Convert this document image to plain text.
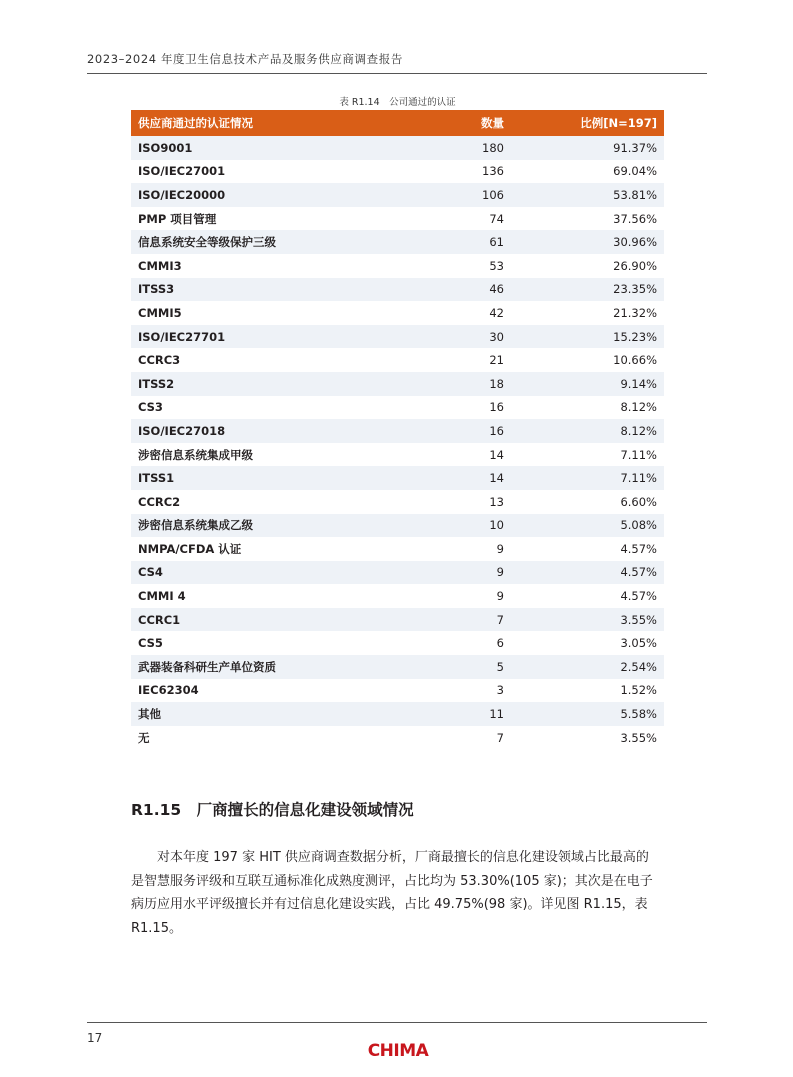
2023–2024 年度卫生信息技术产品及服务供应商调查报告
表 R1.14　公司通过的认证
供应商通过的认证情况	数量	比例[N=197]
ISO9001	180	91.37%
ISO/IEC27001	136	69.04%
ISO/IEC20000	106	53.81%
PMP 项目管理	74	37.56%
信息系统安全等级保护三级	61	30.96%
CMMI3	53	26.90%
ITSS3	46	23.35%
CMMI5	42	21.32%
ISO/IEC27701	30	15.23%
CCRC3	21	10.66%
ITSS2	18	9.14%
CS3	16	8.12%
ISO/IEC27018	16	8.12%
涉密信息系统集成甲级	14	7.11%
ITSS1	14	7.11%
CCRC2	13	6.60%
涉密信息系统集成乙级	10	5.08%
NMPA/CFDA 认证	9	4.57%
CS4	9	4.57%
CMMI 4	9	4.57%
CCRC1	7	3.55%
CS5	6	3.05%
武器装备科研生产单位资质	5	2.54%
IEC62304	3	1.52%
其他	11	5.58%
无	7	3.55%
R1.15　厂商擅长的信息化建设领域情况
　　对本年度 197 家 HIT 供应商调查数据分析，厂商最擅长的信息化建设领域占比最高的
是智慧服务评级和互联互通标准化成熟度测评，占比均为 53.30%(105 家)；其次是在电子
病历应用水平评级擅长并有过信息化建设实践，占比 49.75%(98 家)。详见图 R1.15，表
R1.15。
17
CHIMA
